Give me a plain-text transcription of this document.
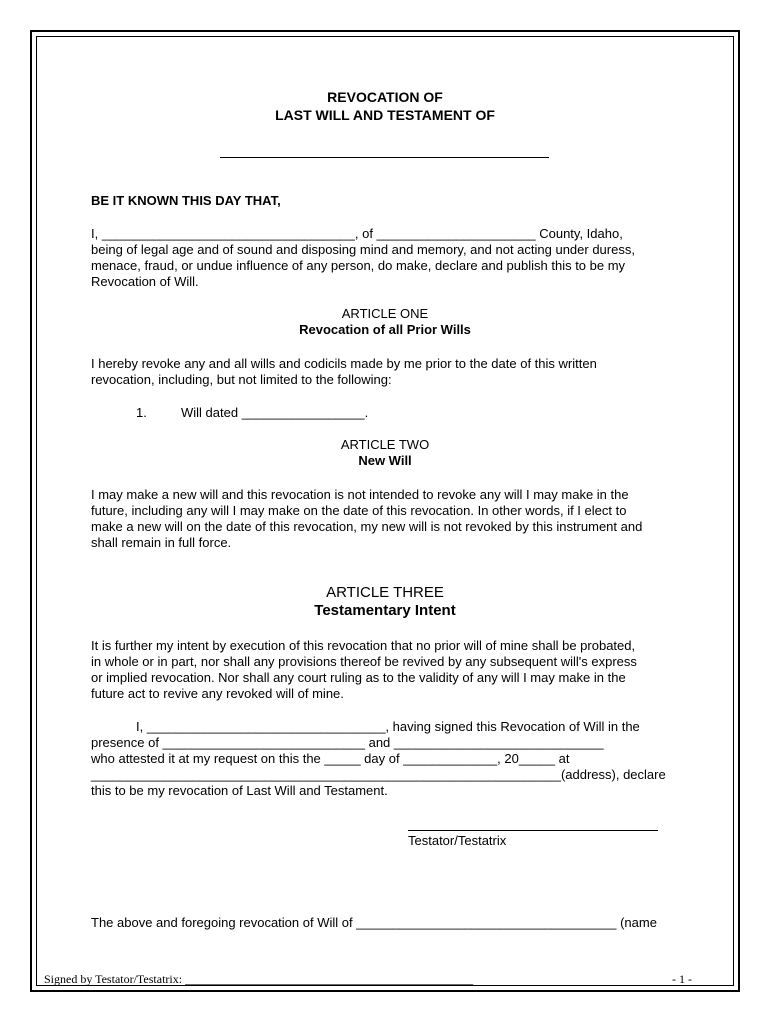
REVOCATION OF
LAST WILL AND TESTAMENT OF
BE IT KNOWN THIS DAY THAT,
I, ___________________________________, of ______________________ County, Idaho,
being of legal age and of sound and disposing mind and memory, and not acting under duress,
menace, fraud, or undue influence of any person, do make, declare and publish this to be my
Revocation of Will.
ARTICLE ONE
Revocation of all Prior Wills
I hereby revoke any and all wills and codicils made by me prior to the date of this written
revocation, including, but not limited to the following:
1.	Will dated _________________.
ARTICLE TWO
New Will
I may make a new will and this revocation is not intended to revoke any will I may make in the
future, including any will I may make on the date of this revocation. In other words, if I elect to
make a new will on the date of this revocation, my new will is not revoked by this instrument and
shall remain in full force.
ARTICLE THREE
Testamentary Intent
It is further my intent by execution of this revocation that no prior will of mine shall be probated,
in whole or in part, nor shall any provisions thereof be revived by any subsequent will's express
or implied revocation. Nor shall any court ruling as to the validity of any will I may make in the
future act to revive any revoked will of mine.
I, _________________________________, having signed this Revocation of Will in the
presence of ____________________________ and _____________________________
who attested it at my request on this the _____ day of _____________, 20_____ at
_________________________________________________________________(address), declare
this to be my revocation of Last Will and Testament.
Testator/Testatrix
The above and foregoing revocation of Will of ____________________________________ (name
Signed by Testator/Testatrix: ________________________________________________	- 1 -
